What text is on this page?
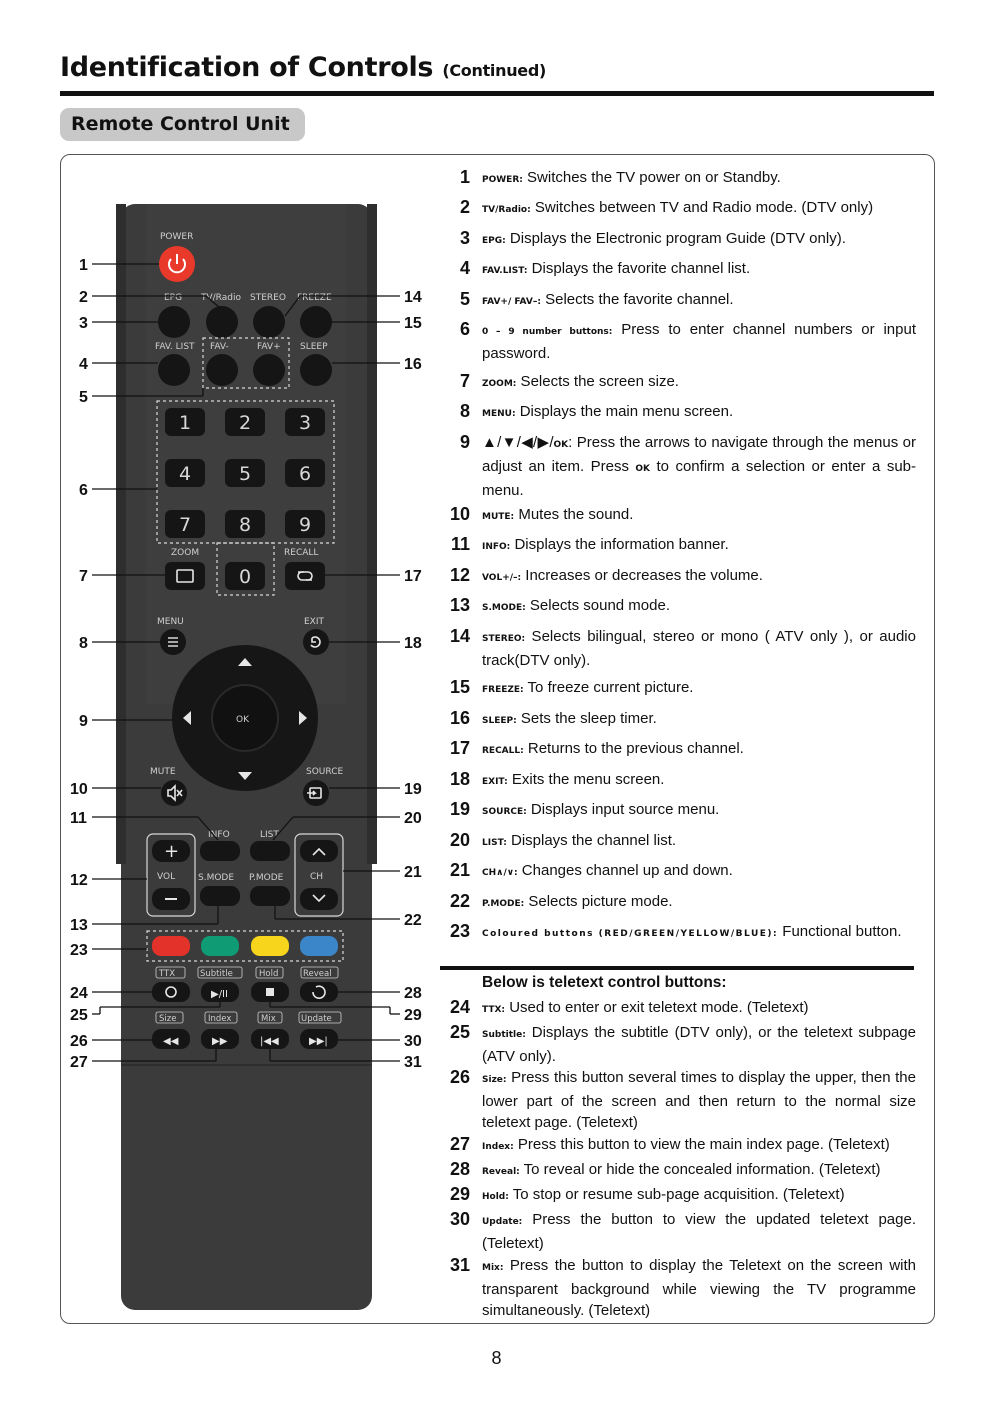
Identification of Controls (Continued)
Remote Control Unit
POWER
EPG TV/Radio STEREO FREEZE
FAV. LIST FAV-	FAV+ SLEEP
1	2	3
4	5	6
7	8	9
0
ZOOM	RECALL
MENU	EXIT
OK
MUTE	SOURCE
INFO	LIST
+
VOL	CH
S.MODE P.MODE
TTX	Subtitle	Hold	Reveal
▶/II
Size	Index	Mix	Update
◀◀	▶▶	|◀◀	▶▶|
1
2
3
4
5
6
7
8
9
10
11
12
13
23
24
25
26
27
14
15
16
17
18
19
20
21
22
28
29
30
31
1 POWER: Switches the TV power on or Standby.
2 TV/Radio: Switches between TV and Radio mode. (DTV only)
3 EPG: Displays the Electronic program Guide (DTV only).
4 FAV.LIST: Displays the favorite channel list.
5 FAV+/ FAV–: Selects the favorite channel.
6 0 – 9 number buttons: Press to enter channel numbers or input password.
7 ZOOM: Selects the screen size.
8 MENU: Displays the main menu screen.
9 ▲/▼/◀/▶/OK: Press the arrows to navigate through the menus or adjust an item. Press OK to confirm a selection or enter a sub-menu.
10 MUTE: Mutes the sound.
11 INFO: Displays the information banner.
12 VOL+/–: Increases or decreases the volume.
13 S.MODE: Selects sound mode.
14 STEREO: Selects bilingual, stereo or mono ( ATV only ), or audio track(DTV only).
15 FREEZE: To freeze current picture.
16 SLEEP: Sets the sleep timer.
17 RECALL: Returns to the previous channel.
18 EXIT: Exits the menu screen.
19 SOURCE: Displays input source menu.
20 LIST: Displays the channel list.
21 CH∧/∨: Changes channel up and down.
22 P.MODE: Selects picture mode.
23 Coloured buttons (RED/GREEN/YELLOW/BLUE): Functional button.
24 TTX: Used to enter or exit teletext mode. (Teletext)
25 Subtitle: Displays the subtitle (DTV only), or the teletext subpage (ATV only).
26 Size: Press this button several times to display the upper, then the lower part of the screen and then return to the normal size teletext page. (Teletext)
27 Index: Press this button to view the main index page. (Teletext)
28 Reveal: To reveal or hide the concealed information. (Teletext)
29 Hold: To stop or resume sub-page acquisition. (Teletext)
30 Update: Press the button to view the updated teletext page. (Teletext)
31 Mix: Press the button to display the Teletext on the screen with transparent background while viewing the TV programme simultaneously. (Teletext)
Below is teletext control buttons:
8
